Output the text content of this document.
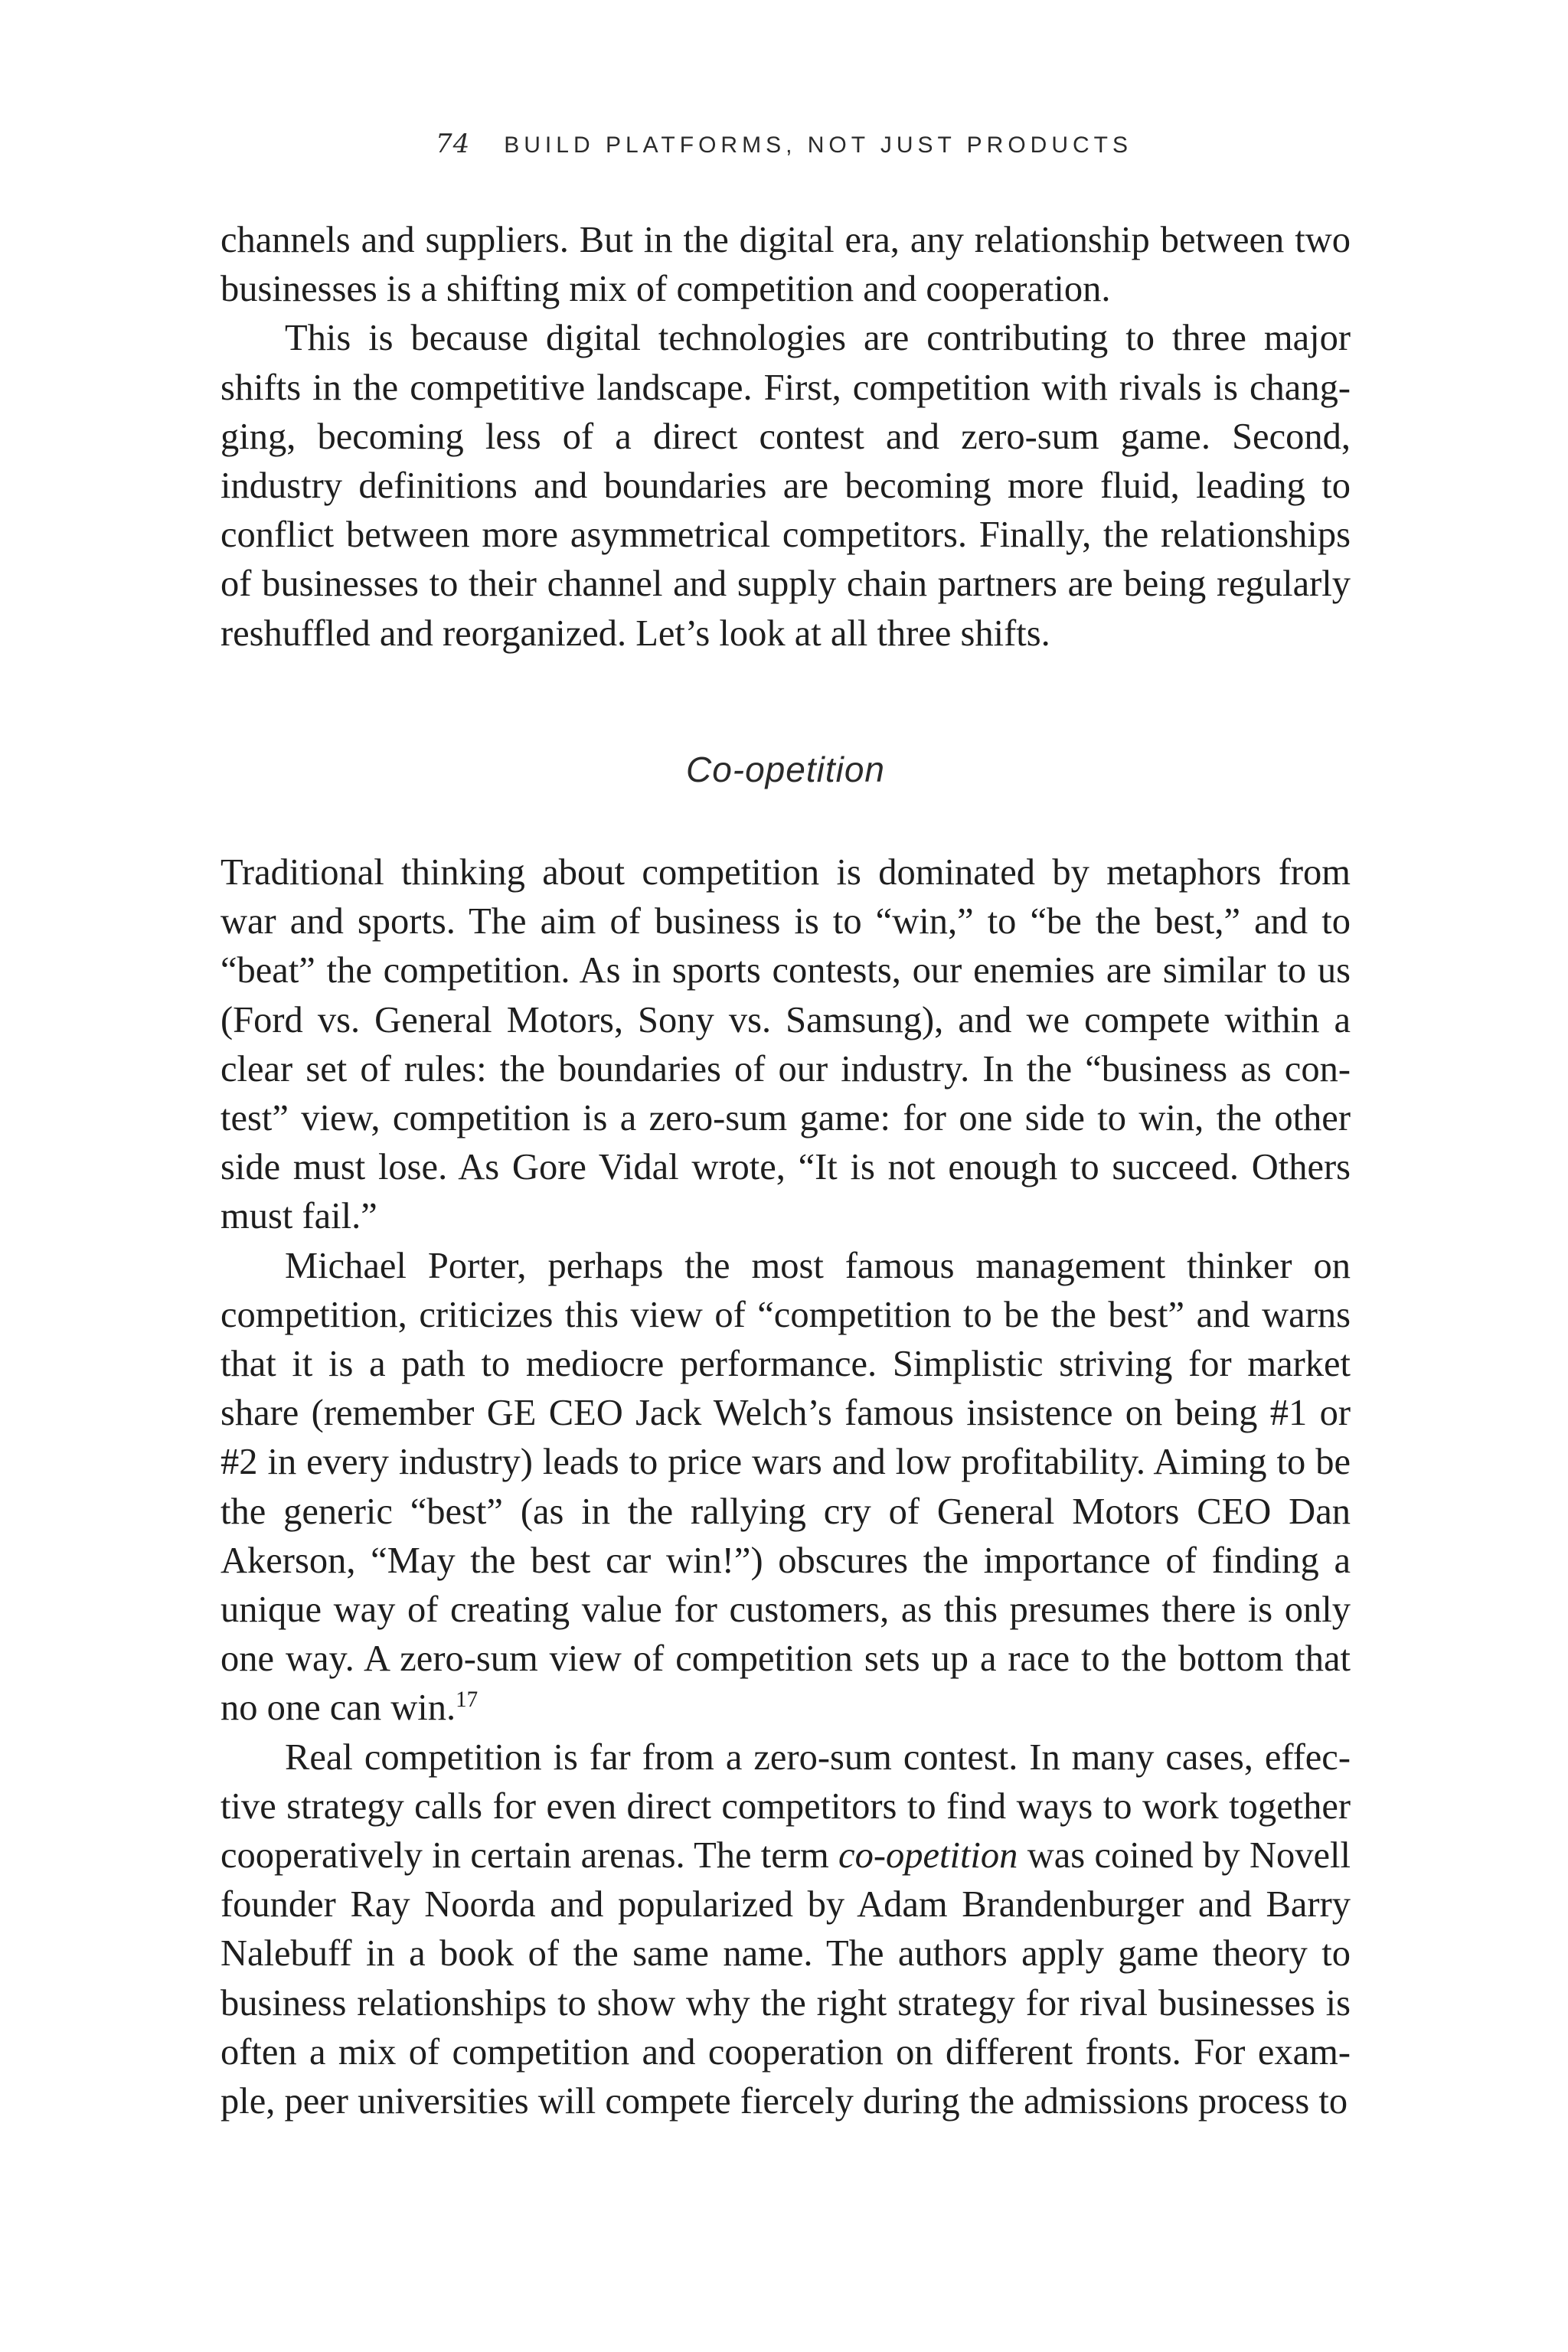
74 BUILD PLATFORMS, NOT JUST PRODUCTS

channels and suppliers. But in the digital era, any relationship between two businesses is a shifting mix of competition and cooperation.

This is because digital technologies are contributing to three major shifts in the competitive landscape. First, competition with rivals is changging, becoming less of a direct contest and zero-sum game. Second, industry definitions and boundaries are becoming more fluid, leading to conflict between more asymmetrical competitors. Finally, the relationships of businesses to their channel and supply chain partners are being regularly reshuffled and reorganized. Let’s look at all three shifts.

Co-opetition

Traditional thinking about competition is dominated by metaphors from war and sports. The aim of business is to “win,” to “be the best,” and to “beat” the competition. As in sports contests, our enemies are similar to us (Ford vs. General Motors, Sony vs. Samsung), and we compete within a clear set of rules: the boundaries of our industry. In the “business as contest” view, competition is a zero-sum game: for one side to win, the other side must lose. As Gore Vidal wrote, “It is not enough to succeed. Others must fail.”

Michael Porter, perhaps the most famous management thinker on competition, criticizes this view of “competition to be the best” and warns that it is a path to mediocre performance. Simplistic striving for market share (remember GE CEO Jack Welch’s famous insistence on being #1 or #2 in every industry) leads to price wars and low profitability. Aiming to be the generic “best” (as in the rallying cry of General Motors CEO Dan Akerson, “May the best car win!”) obscures the importance of finding a unique way of creating value for customers, as this presumes there is only one way. A zero-sum view of competition sets up a race to the bottom that no one can win.$^{17}$

Real competition is far from a zero-sum contest. In many cases, effective strategy calls for even direct competitors to find ways to work together cooperatively in certain arenas. The term co-opetition was coined by Novell founder Ray Noorda and popularized by Adam Brandenburger and Barry Nalebuff in a book of the same name. The authors apply game theory to business relationships to show why the right strategy for rival businesses is often a mix of competition and cooperation on different fronts. For example, peer universities will compete fiercely during the admissions process to
